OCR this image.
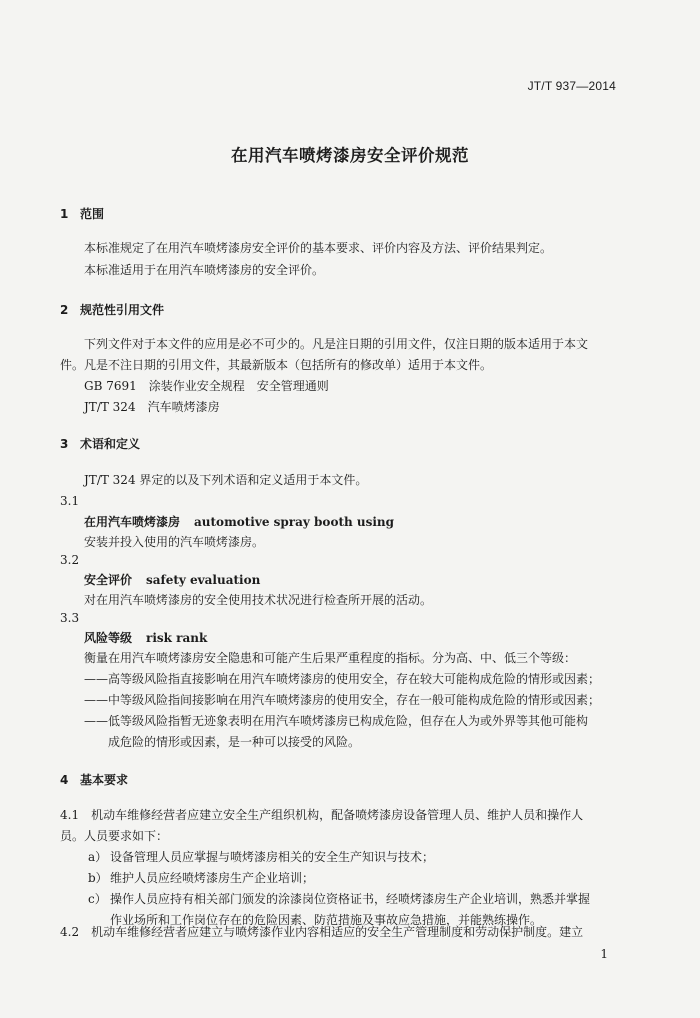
JT/T 937—2014
在用汽车喷烤漆房安全评价规范
1 范围
本标准规定了在用汽车喷烤漆房安全评价的基本要求、评价内容及方法、评价结果判定。
本标准适用于在用汽车喷烤漆房的安全评价。
2 规范性引用文件
下列文件对于本文件的应用是必不可少的。凡是注日期的引用文件，仅注日期的版本适用于本文
件。凡是不注日期的引用文件，其最新版本（包括所有的修改单）适用于本文件。
GB 7691　涂装作业安全规程　安全管理通则
JT/T 324　汽车喷烤漆房
3 术语和定义
JT/T 324 界定的以及下列术语和定义适用于本文件。
3.1
在用汽车喷烤漆房 automotive spray booth using
安装并投入使用的汽车喷烤漆房。
3.2
安全评价 safety evaluation
对在用汽车喷烤漆房的安全使用技术状况进行检查所开展的活动。
3.3
风险等级 risk rank
衡量在用汽车喷烤漆房安全隐患和可能产生后果严重程度的指标。分为高、中、低三个等级：
——高等级风险指直接影响在用汽车喷烤漆房的使用安全，存在较大可能构成危险的情形或因素；
——中等级风险指间接影响在用汽车喷烤漆房的使用安全，存在一般可能构成危险的情形或因素；
——低等级风险指暂无迹象表明在用汽车喷烤漆房已构成危险，但存在人为或外界等其他可能构
成危险的情形或因素，是一种可以接受的风险。
4 基本要求
4.1　机动车维修经营者应建立安全生产组织机构，配备喷烤漆房设备管理人员、维护人员和操作人
员。人员要求如下：
a） 设备管理人员应掌握与喷烤漆房相关的安全生产知识与技术；
b） 维护人员应经喷烤漆房生产企业培训；
c） 操作人员应持有相关部门颁发的涂漆岗位资格证书，经喷烤漆房生产企业培训，熟悉并掌握
作业场所和工作岗位存在的危险因素、防范措施及事故应急措施，并能熟练操作。
4.2　机动车维修经营者应建立与喷烤漆作业内容相适应的安全生产管理制度和劳动保护制度。建立
1
